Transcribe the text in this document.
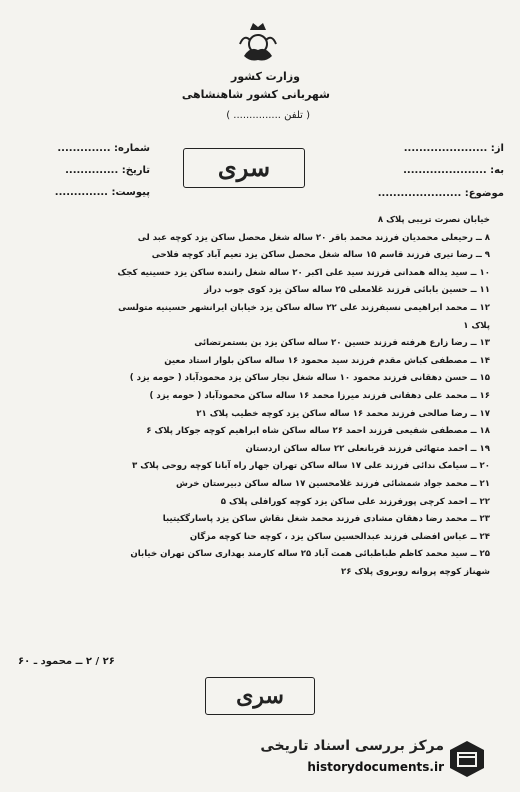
وزارت کشور
شهربانی کشور شاهنشاهی
( تلفن ............... )
شماره: ..............
تاریخ: ..............
پیوست: ..............
از: ......................
به: ......................
موضوع: ......................
سری
خیابان نصرت تریبی پلاک ۸
۸ ــ رحیعلی محمدیان فرزند محمد باقر ۲۰ ساله شغل محصل ساکن یزد کوچه عبد لی
۹ ــ رضا تیری فرزند قاسم ۱۵ ساله شغل محصل ساکن یزد تعیم آباد کوچه فلاحی
۱۰ ــ سید یداله همدانی فرزند سید علی اکبر ۲۰ ساله شغل راننده ساکن یزد حسینیه کجک
۱۱ ــ حسین بابائی فرزند غلامعلی ۲۵ ساله ساکن یزد کوی جوب دراز
۱۲ ــ محمد ابراهیمی نسبفرزند علی ۲۲ ساله ساکن یزد خیابان ایرانشهر حسینیه متولسی
پلاک ۱
۱۳ ــ رضا زارع هرفته فرزند حسین ۲۰ ساله ساکن یزد بن بستمرتضائی
۱۴ ــ مصطفی کباش مقدم فرزند سید محمود ۱۶ ساله ساکن بلوار استاد معین
۱۵ ــ حسن دهقانی فرزند محمود ۱۰ ساله شغل نجار ساکن یزد محمودآباد ( حومه یزد )
۱۶ ــ محمد علی دهقانی فرزند میرزا محمد ۱۶ ساله ساکن محمودآباد ( حومه یزد )
۱۷ ــ رضا صالحی فرزند محمد ۱۶ ساله ساکن یزد کوچه خطیب پلاک ۲۱
۱۸ ــ مصطفی شفیعی فرزند احمد ۲۶ ساله ساکن شاه ابراهیم کوچه جوکار پلاک ۶
۱۹ ــ احمد متهائی فرزند قربانعلی ۲۲ ساله ساکن اردستان
۲۰ ــ سیامک ندائی فرزند علی ۱۷ ساله ساکن تهران جهار راه آبانا کوچه روحی پلاک ۳
۲۱ ــ محمد جواد شمشائی فرزند غلامحسین ۱۷ ساله ساکن دبیرستان خرش
۲۲ ــ احمد کرچی پورفرزند علی ساکن یزد کوچه کورافلی پلاک ۵
۲۳ ــ محمد رضا دهقان مشادی فرزند محمد شغل نقاش ساکن یزد پاسارگکیتیبا
۲۴ ــ عباس افضلی فرزند عبدالحسین ساکن یزد ، کوچه حنا کوچه مزگان
۲۵ ــ سید محمد کاظم طباطبائی همت آباد ۲۵ ساله کارمند بهداری ساکن تهران خیابان
شهناز کوچه پروانه روبروی پلاک ۲۶
۲۶ / ۲ ــ محمود ـ ۶۰
سری
مرکز بررسی اسناد تاریخی
historydocuments.ir
